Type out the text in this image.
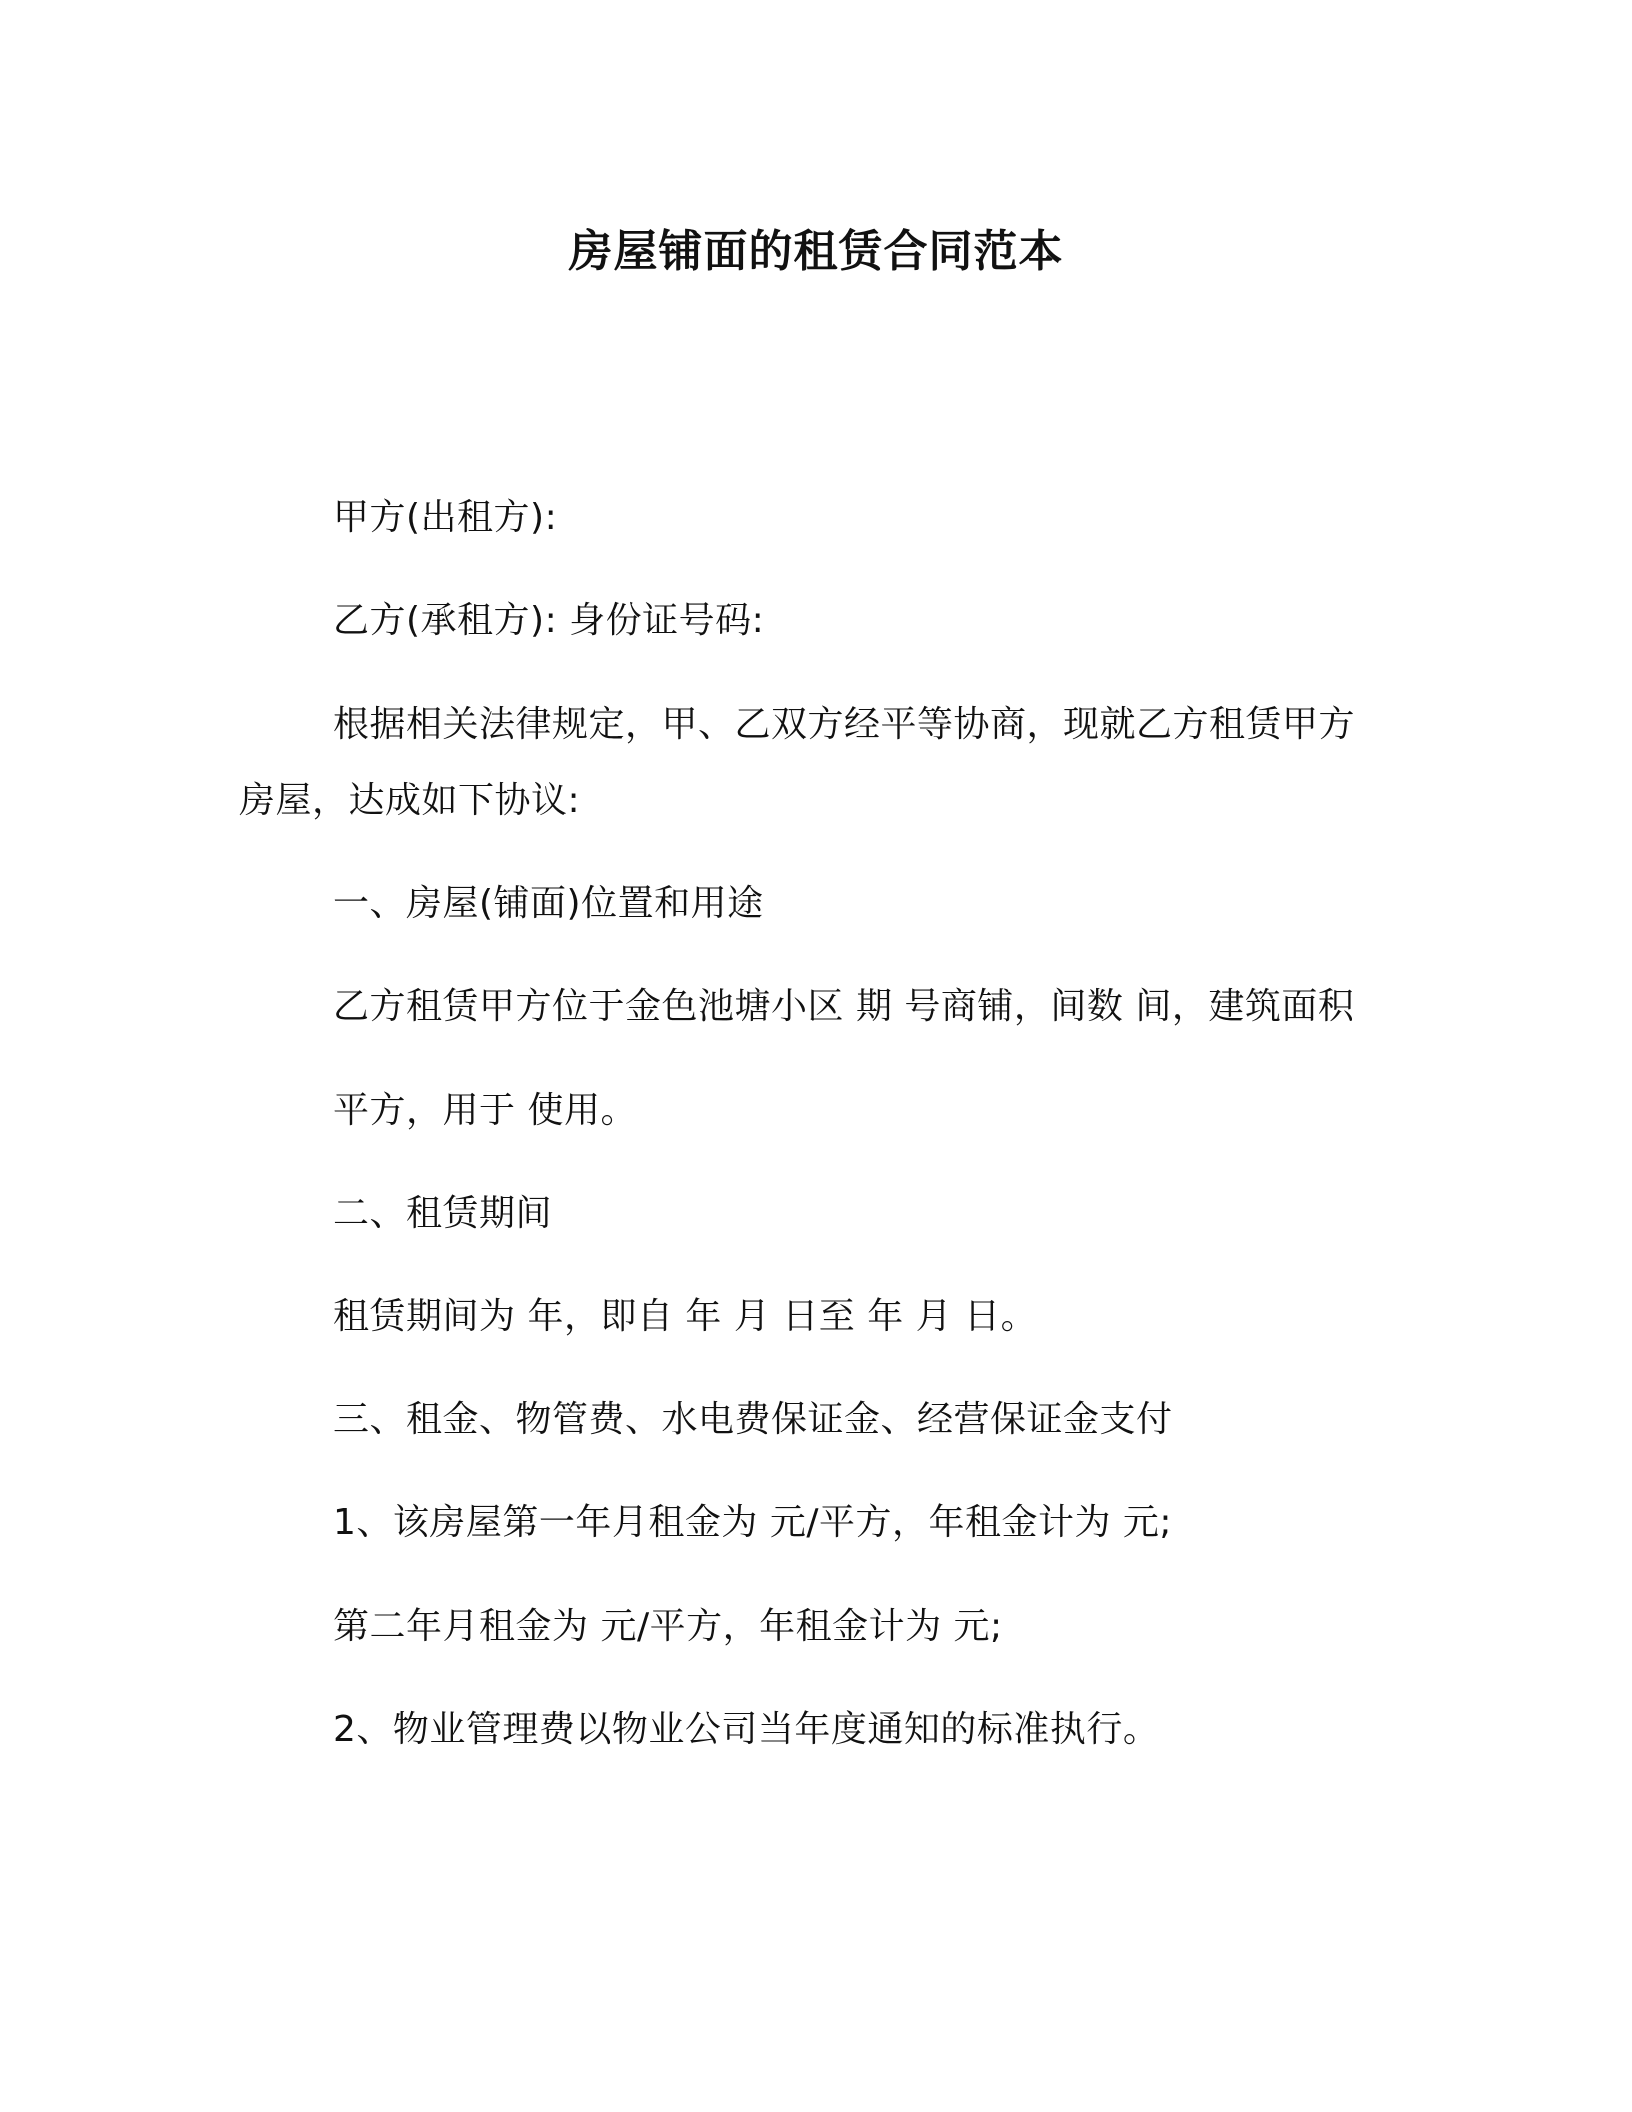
房屋铺面的租赁合同范本
甲方(出租方):
乙方(承租方): 身份证号码:
根据相关法律规定，甲、乙双方经平等协商，现就乙方租赁甲方
房屋，达成如下协议:
一、房屋(铺面)位置和用途
乙方租赁甲方位于金色池塘小区 期 号商铺，间数 间，建筑面积
平方，用于 使用。
二、租赁期间
租赁期间为 年，即自 年 月 日至 年 月 日。
三、租金、物管费、水电费保证金、经营保证金支付
1、该房屋第一年月租金为 元/平方，年租金计为 元;
第二年月租金为 元/平方，年租金计为 元;
2、物业管理费以物业公司当年度通知的标准执行。
